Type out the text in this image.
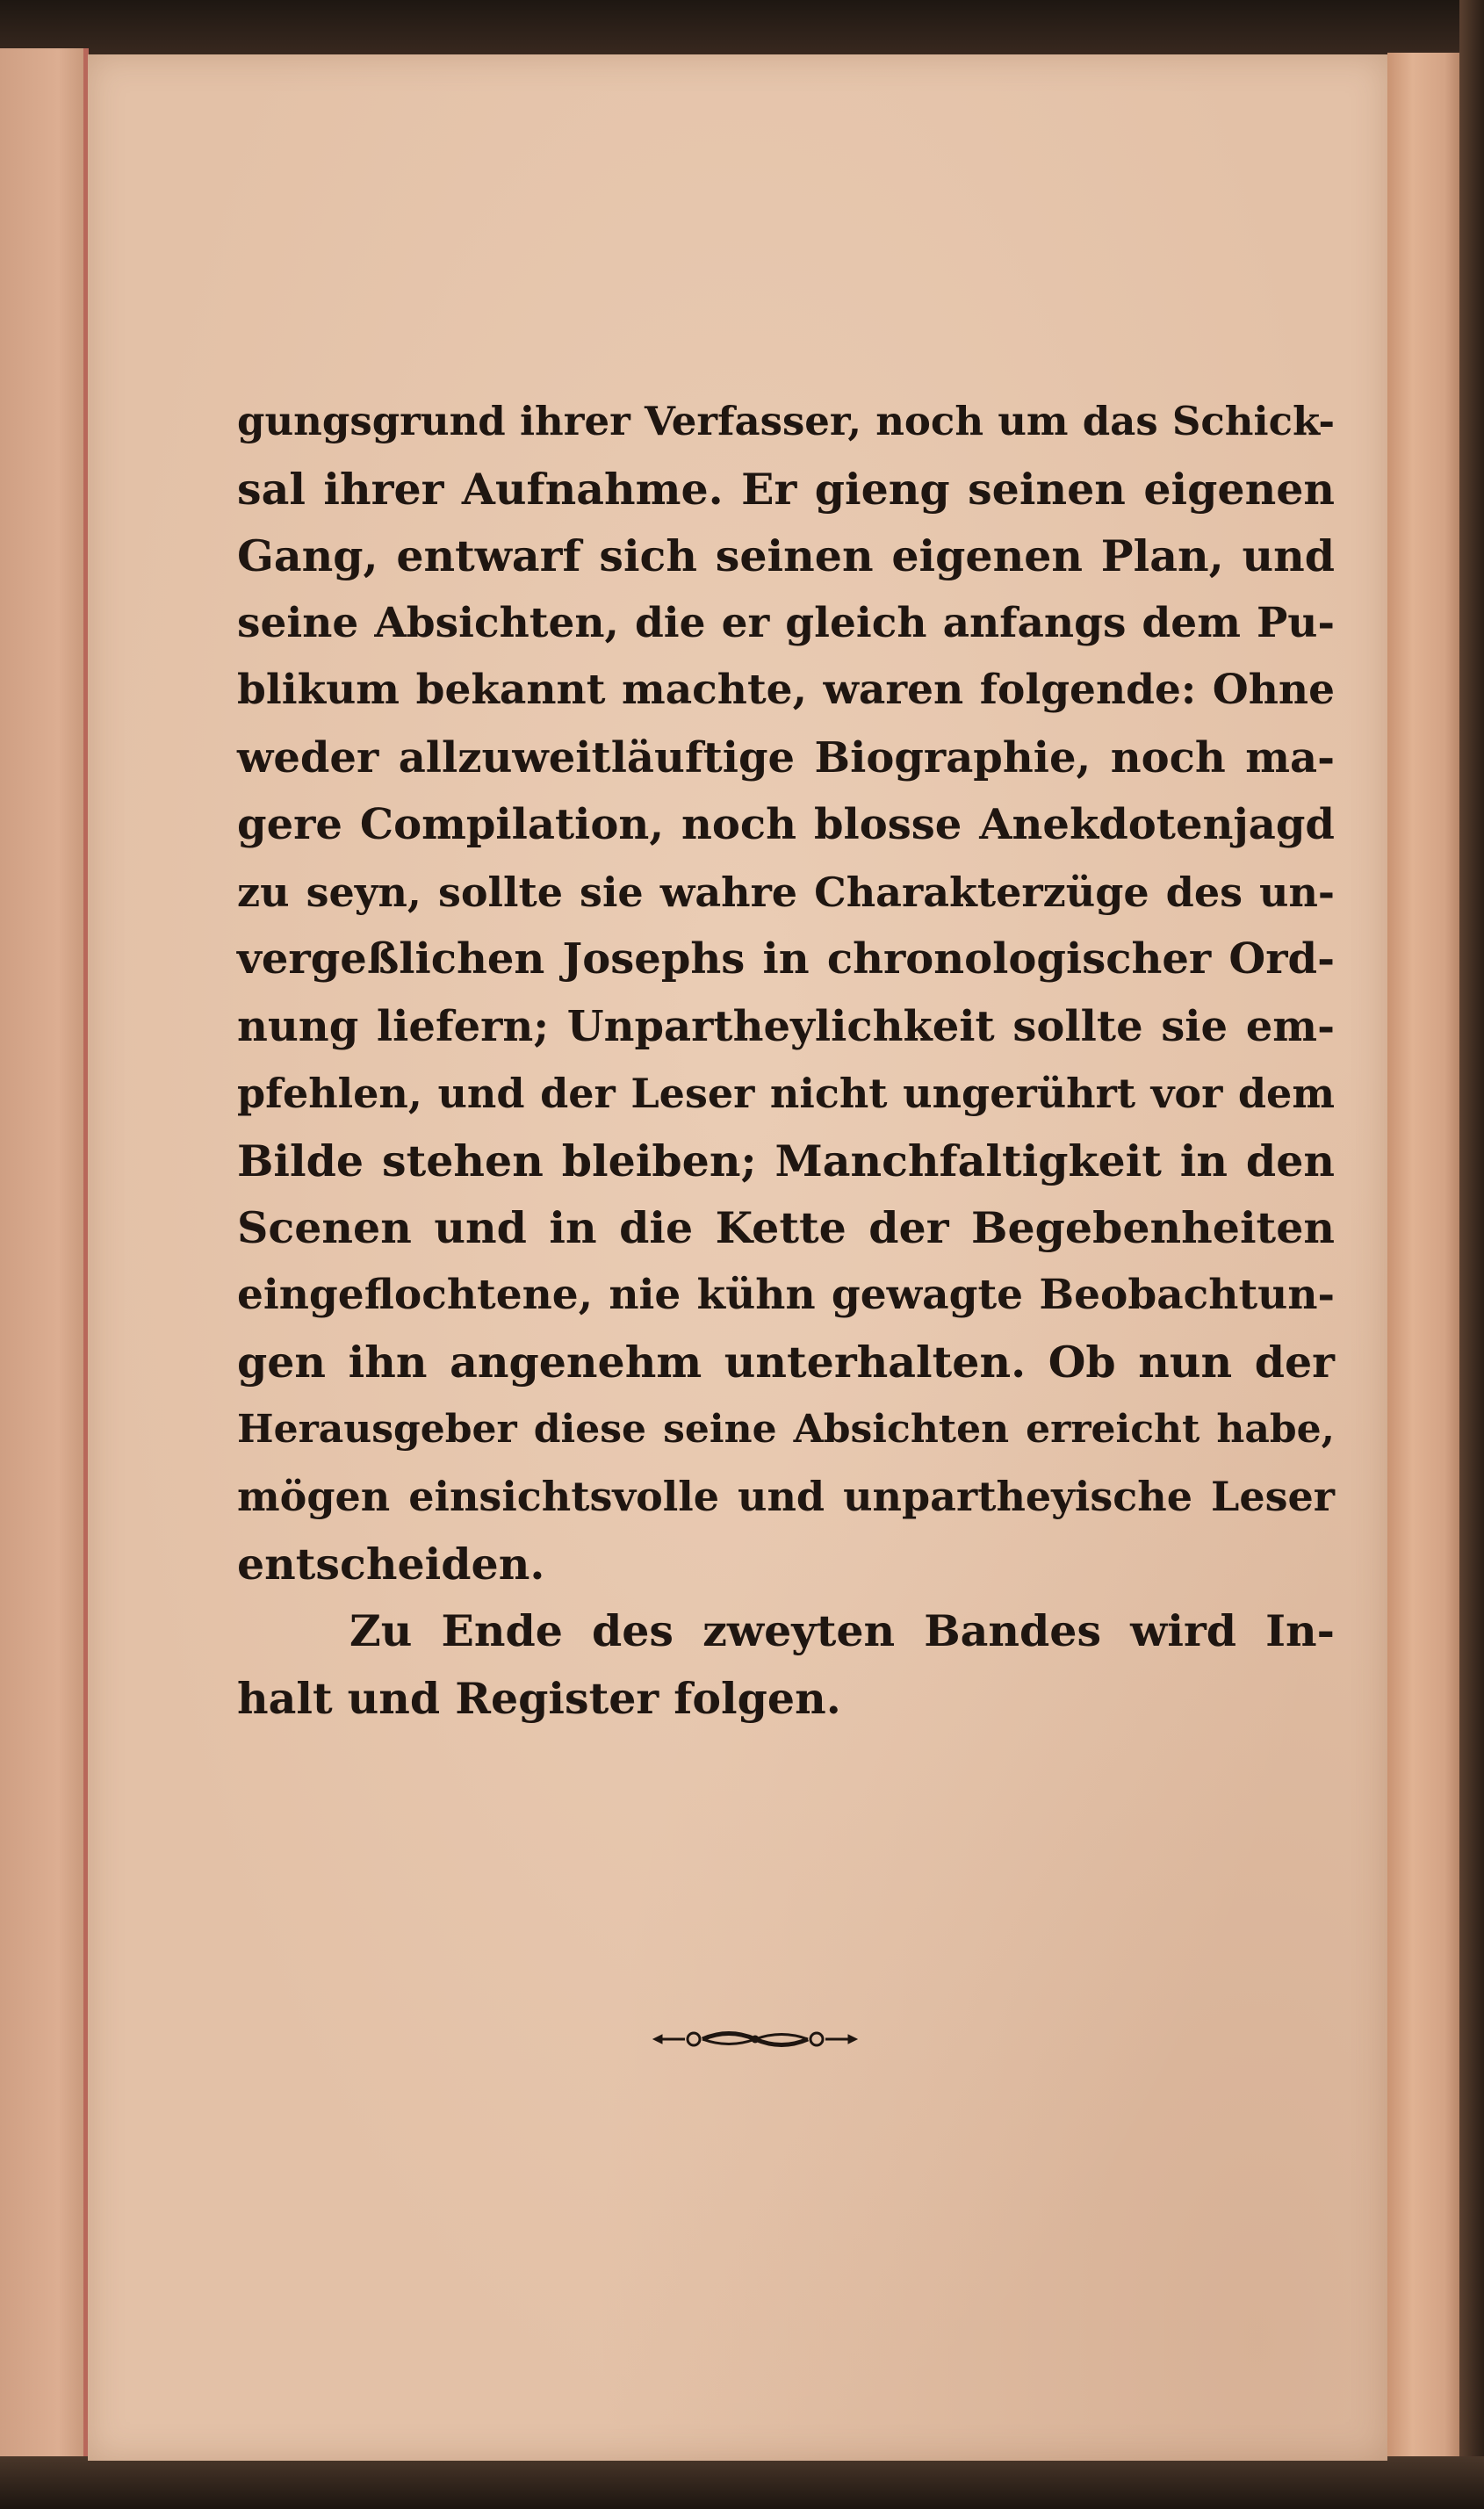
gungsgrund ihrer Verfasser, noch um das Schick-
sal ihrer Aufnahme. Er gieng seinen eigenen
Gang, entwarf sich seinen eigenen Plan, und
seine Absichten, die er gleich anfangs dem Pu-
blikum bekannt machte, waren folgende: Ohne
weder allzuweitläuftige Biographie, noch ma-
gere Compilation, noch blosse Anekdotenjagd
zu seyn, sollte sie wahre Charakterzüge des un-
vergeßlichen Josephs in chronologischer Ord-
nung liefern; Unpartheylichkeit sollte sie em-
pfehlen, und der Leser nicht ungerührt vor dem
Bilde stehen bleiben; Manchfaltigkeit in den
Scenen und in die Kette der Begebenheiten
eingeflochtene, nie kühn gewagte Beobachtun-
gen ihn angenehm unterhalten. Ob nun der
Herausgeber diese seine Absichten erreicht habe,
mögen einsichtsvolle und unpartheyische Leser
entscheiden.
Zu Ende des zweyten Bandes wird In-
halt und Register folgen.
